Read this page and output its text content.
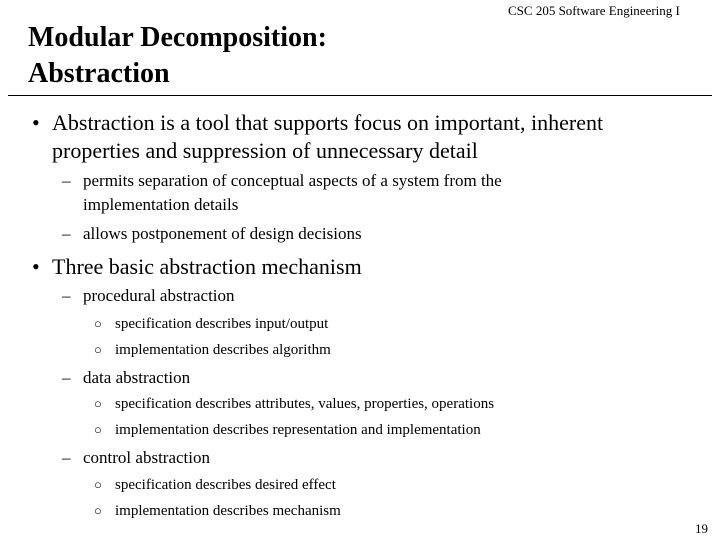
CSC 205 Software Engineering I
Modular Decomposition:
Abstraction
• Abstraction is a tool that supports focus on important, inherent
properties and suppression of unnecessary detail
– permits separation of conceptual aspects of a system from the
implementation details
– allows postponement of design decisions
• Three basic abstraction mechanism
– procedural abstraction
○ specification describes input/output
○ implementation describes algorithm
– data abstraction
○ specification describes attributes, values, properties, operations
○ implementation describes representation and implementation
– control abstraction
○ specification describes desired effect
○ implementation describes mechanism
19
